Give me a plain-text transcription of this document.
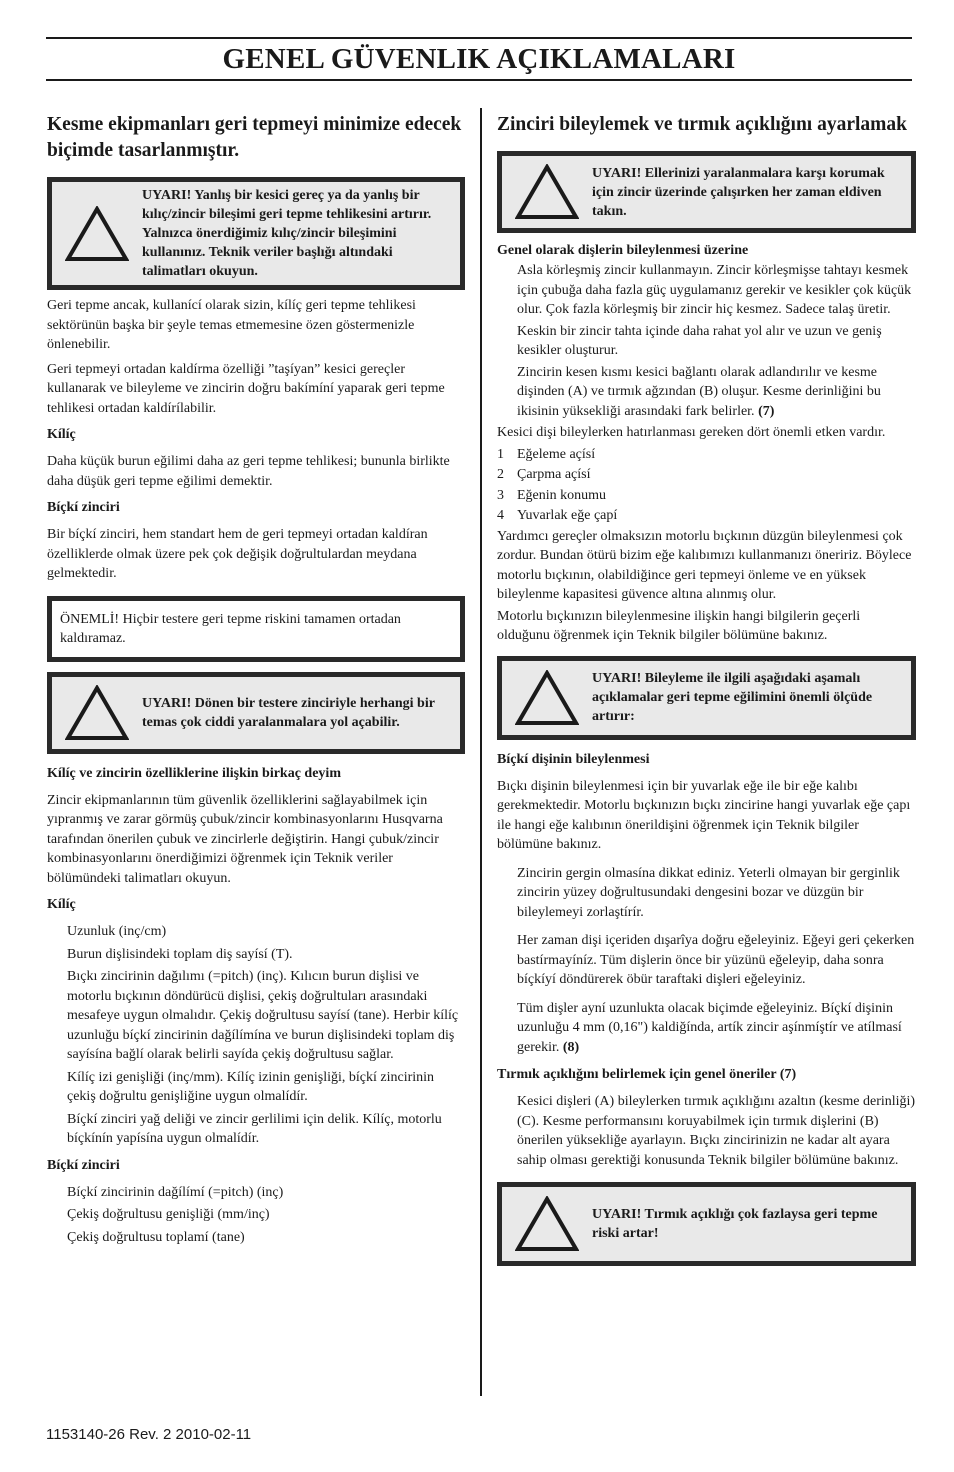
GENEL GÜVENLIK AÇIKLAMALARI
Kesme ekipmanları geri tepmeyi minimize edecek biçimde tasarlanmıştır.
UYARI! Yanlış bir kesici gereç ya da yanlış bir kılıç/zincir bileşimi geri tepme tehlikesini artırır. Yalnızca önerdiğimiz kılıç/zincir bileşimini kullanınız. Teknik veriler başlığı altındaki talimatları okuyun.

Geri tepme ancak, kullanící olarak sizin, kílíç geri tepme tehlikesi sektörünün başka bir şeyle temas etmemesine özen göstermenizle önlenebilir.

Geri tepmeyi ortadan kaldírma özelliği ”taşíyan” kesici gereçler kullanarak ve bileyleme ve zincirin doğru bakímíní yaparak geri tepme tehlikesi ortadan kaldírílabilir.

Kílíç

Daha küçük burun eğilimi daha az geri tepme tehlikesi; bununla birlikte daha düşük geri tepme eğilimi demektir.

Bíçkí zinciri

Bir bíçkí zinciri, hem standart hem de geri tepmeyi ortadan kaldíran özelliklerde olmak üzere pek çok değişik doğrultulardan meydana gelmektedir.

ÖNEMLİ! Hiçbir testere geri tepme riskini tamamen ortadan kaldıramaz.
UYARI! Dönen bir testere zinciriyle herhangi bir temas çok ciddi yaralanmalara yol açabilir.
Kílíç ve zincirin özelliklerine ilişkin birkaç deyim

Zincir ekipmanlarının tüm güvenlik özelliklerini sağlayabilmek için yıpranmış ve zarar görmüş çubuk/zincir kombinasyonlarını Husqvarna tarafından önerilen çubuk ve zincirlerle değiştirin. Hangi çubuk/zincir kombinasyonlarını önerdiğimizi öğrenmek için Teknik veriler bölümündeki talimatları okuyun.

Kílíç

Uzunluk (inç/cm)

Burun dişlisindeki toplam diş sayísí (T).

Bıçkı zincirinin dağılımı (=pitch) (inç). Kılıcın burun dişlisi ve motorlu bıçkının döndürücü dişlisi, çekiş doğrultuları arasındaki mesafeye uygun olmalıdır. Çekiş doğrultusu sayísí (tane). Herbir kílíç uzunluğu bíçkí zincirinin dağílímína ve burun dişlisindeki toplam diş sayísína bağlí olarak belirli sayída çekiş doğrultusu sağlar.

Kílíç izi genişliği (inç/mm). Kílíç izinin genişliği, bíçkí zincirinin çekiş doğrultu genişliğine uygun olmalídír.

Bíçkí zinciri yağ deliği ve zincir gerlilimi için delik. Kílíç, motorlu bíçkínín yapísína uygun olmalídír.

Bíçkí zinciri

Bíçkí zincirinin dağílímí (=pitch) (inç)

Çekiş doğrultusu genişliği (mm/inç)

Çekiş doğrultusu toplamí (tane)

Zinciri bileylemek ve tırmık açıklığını ayarlamak
UYARI! Ellerinizi yaralanmalara karşı korumak için zincir üzerinde çalışırken her zaman eldiven takın.
Genel olarak dişlerin bileylenmesi üzerine

Asla körleşmiş zincir kullanmayın. Zincir körleşmişse tahtayı kesmek için çubuğa daha fazla güç uygulamanız gerekir ve kesikler çok küçük olur. Çok fazla körleşmiş bir zincir hiç kesmez. Sadece talaş üretir.

Keskin bir zincir tahta içinde daha rahat yol alır ve uzun ve geniş kesikler oluşturur.

Zincirin kesen kısmı kesici bağlantı olarak adlandırılır ve kesme dişinden (A) ve tırmık ağzından (B) oluşur. Kesme derinliğini bu ikisinin yüksekliği arasındaki fark belirler. (7)

Kesici dişi bileylerken hatırlanması gereken dört önemli etken vardır.

1 Eğeleme açísí
2 Çarpma açísí
3 Eğenin konumu
4 Yuvarlak eğe çapí

Yardımcı gereçler olmaksızın motorlu bıçkının düzgün bileylenmesi çok zordur. Bundan ötürü bizim eğe kalıbımızı kullanmanızı öneririz. Böylece motorlu bıçkının, olabildiğince geri tepmeyi önleme ve en yüksek bileylenme kapasitesi güvence altına alınmış olur.

Motorlu bıçkınızın bileylenmesine ilişkin hangi bilgilerin geçerli olduğunu öğrenmek için Teknik bilgiler bölümüne bakınız.

UYARI! Bileyleme ile ilgili aşağıdaki aşamalı açıklamalar geri tepme eğilimini önemli ölçüde artırır:
Bíçkí dişinin bileylenmesi

Bıçkı dişinin bileylenmesi için bir yuvarlak eğe ile bir eğe kalıbı gerekmektedir. Motorlu bıçkınızın bıçkı zincirine hangi yuvarlak eğe çapı ile hangi eğe kalıbının önerildişini öğrenmek için Teknik bilgiler bölümüne bakınız.

Zincirin gergin olmasína dikkat ediniz. Yeterli olmayan bir gerginlik zincirin yüzey doğrultusundaki dengesini bozar ve düzgün bir bileylemeyi zorlaştírír.

Her zaman dişi içeriden dışarîya doğru eğeleyiniz. Eğeyi geri çekerken bastírmayíníz. Tüm dişlerin önce bir yüzünü eğeleyip, daha sonra bíçkíyí döndürerek öbür taraftaki dişleri eğeleyiniz.

Tüm dişler ayní uzunlukta olacak biçimde eğeleyiniz. Bíçkí dişinin uzunluğu 4 mm (0,16") kaldiğínda, artík zincir aşínmíştír ve atílmasí gerekir. (8)

Tırmık açıklığını belirlemek için genel öneriler (7)

Kesici dişleri (A) bileylerken tırmık açıklığını azaltın (kesme derinliği) (C). Kesme performansını koruyabilmek için tırmık dişlerini (B) önerilen yüksekliğe ayarlayın. Bıçkı zincirinizin ne kadar alt ayara sahip olması gerektiği konusunda Teknik bilgiler bölümüne bakınız.

UYARI! Tırmık açıklığı çok fazlaysa geri tepme riski artar!
1153140-26 Rev. 2 2010-02-11
